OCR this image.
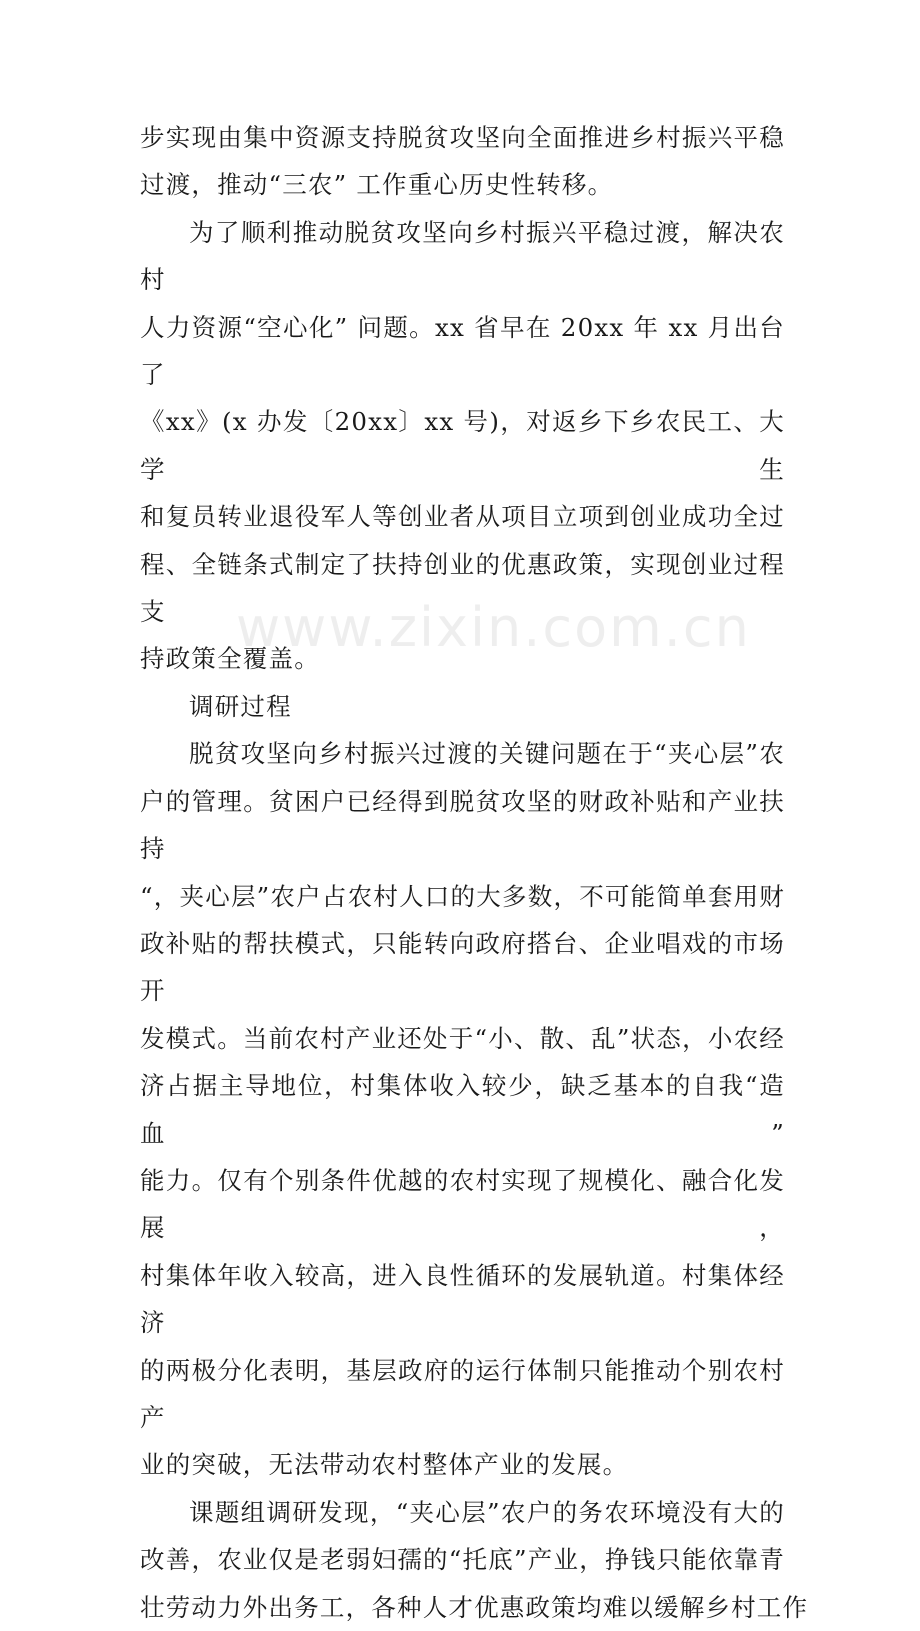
www.zixin.com.cn
步实现由集中资源支持脱贫攻坚向全面推进乡村振兴平稳
过渡，推动“三农” 工作重心历史性转移。
为了顺利推动脱贫攻坚向乡村振兴平稳过渡，解决农村
人力资源“空心化” 问题。xx 省早在 20xx 年 xx 月出台了
《xx》(x 办发〔20xx〕xx 号)，对返乡下乡农民工、大学生
和复员转业退役军人等创业者从项目立项到创业成功全过
程、全链条式制定了扶持创业的优惠政策，实现创业过程支
持政策全覆盖。
调研过程
脱贫攻坚向乡村振兴过渡的关键问题在于“夹心层”农
户的管理。贫困户已经得到脱贫攻坚的财政补贴和产业扶持
“，夹心层”农户占农村人口的大多数，不可能简单套用财
政补贴的帮扶模式，只能转向政府搭台、企业唱戏的市场开
发模式。当前农村产业还处于“小、散、乱”状态，小农经
济占据主导地位，村集体收入较少，缺乏基本的自我“造血”
能力。仅有个别条件优越的农村实现了规模化、融合化发展，
村集体年收入较高，进入良性循环的发展轨道。村集体经济
的两极分化表明，基层政府的运行体制只能推动个别农村产
业的突破，无法带动农村整体产业的发展。
课题组调研发现，“夹心层”农户的务农环境没有大的
改善，农业仅是老弱妇孺的“托底”产业，挣钱只能依靠青
壮劳动力外出务工，各种人才优惠政策均难以缓解乡村工作
